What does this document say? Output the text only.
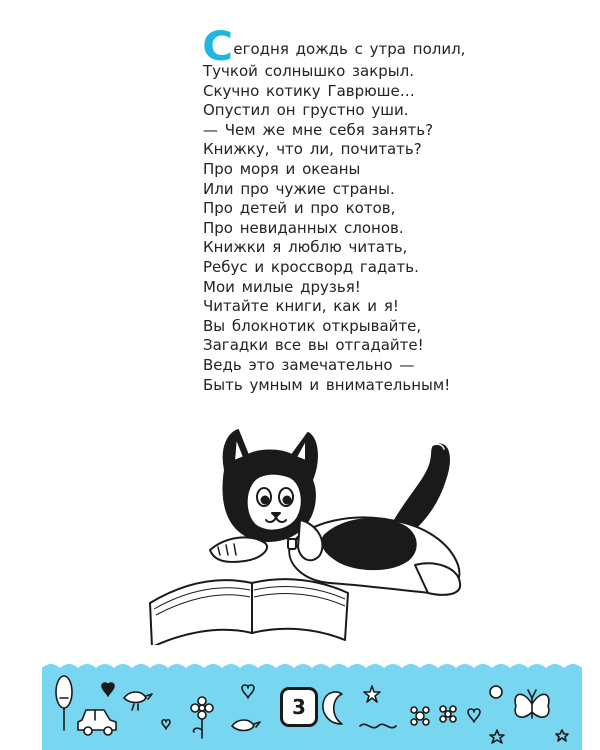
Сегодня дождь с утра полил,
Тучкой солнышко закрыл.
Скучно котику Гаврюше…
Опустил он грустно уши.
— Чем же мне себя занять?
Книжку, что ли, почитать?
Про моря и океаны
Или про чужие страны.
Про детей и про котов,
Про невиданных слонов.
Книжки я люблю читать,
Ребус и кроссворд гадать.
Мои милые друзья!
Читайте книги, как и я!
Вы блокнотик открывайте,
Загадки все вы отгадайте!
Ведь это замечательно —
Быть умным и внимательным!
3
